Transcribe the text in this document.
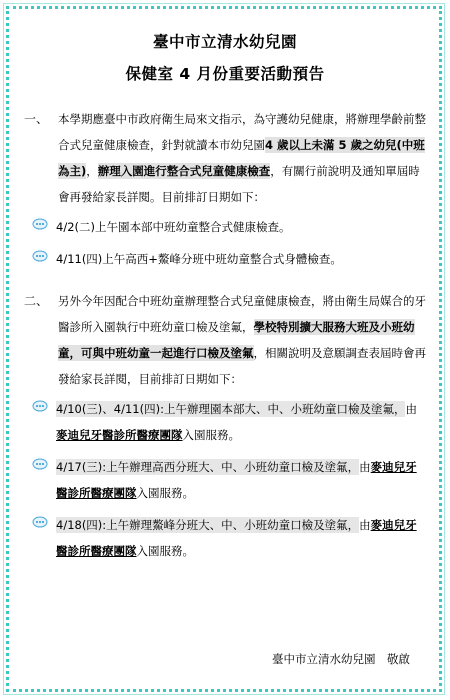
臺中市立清水幼兒園
保健室 4 月份重要活動預告
一、 本學期應臺中市政府衛生局來文指示，為守護幼兒健康，將辦理學齡前整合式兒童健康檢查，針對就讀本市幼兒園4 歲以上未滿 5 歲之幼兒(中班為主)，辦理入園進行整合式兒童健康檢查，有關行前說明及通知單屆時會再發給家長詳閱。目前排訂日期如下：
4/2(二)上午園本部中班幼童整合式健康檢查。
4/11(四)上午高西+鰲峰分班中班幼童整合式身體檢查。
二、 另外今年因配合中班幼童辦理整合式兒童健康檢查，將由衛生局媒合的牙醫診所入園執行中班幼童口檢及塗氟，學校特別擴大服務大班及小班幼童，可與中班幼童一起進行口檢及塗氟，相關說明及意願調查表屆時會再發給家長詳閱，目前排訂日期如下：
4/10(三)、4/11(四):上午辦理園本部大、中、小班幼童口檢及塗氟，由麥迪兒牙醫診所醫療團隊入園服務。
4/17(三):上午辦理高西分班大、中、小班幼童口檢及塗氟，由麥迪兒牙醫診所醫療團隊入園服務。
4/18(四):上午辦理鰲峰分班大、中、小班幼童口檢及塗氟，由麥迪兒牙醫診所醫療團隊入園服務。
臺中市立清水幼兒園　敬啟
